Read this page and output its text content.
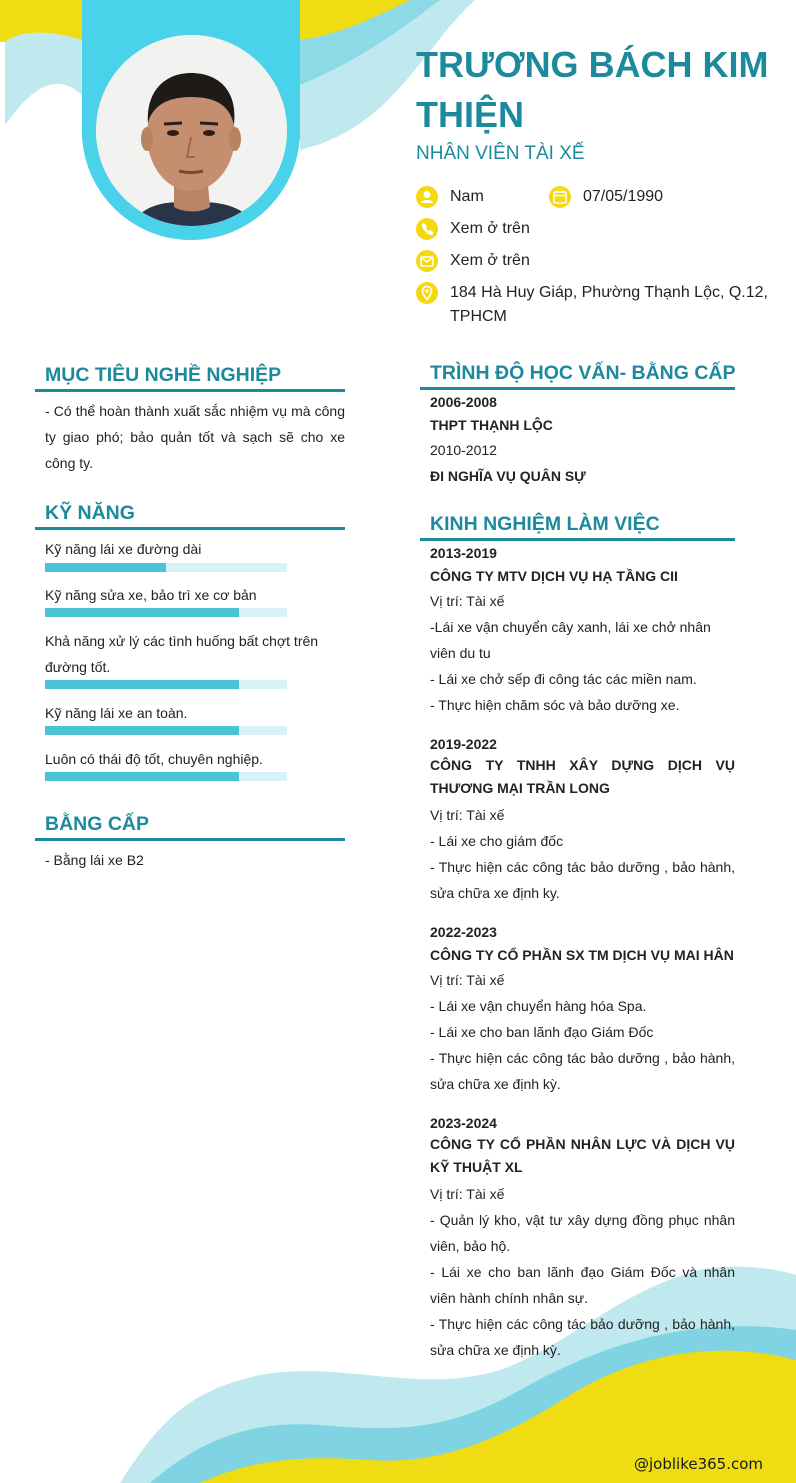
TRƯƠNG BÁCH KIM THIỆN
NHÂN VIÊN TÀI XẾ
Nam	07/05/1990
Xem ở trên
Xem ở trên
184 Hà Huy Giáp, Phường Thạnh Lộc, Q.12, TPHCM
MỤC TIÊU NGHỀ NGHIỆP
- Có thể hoàn thành xuất sắc nhiệm vụ mà công ty giao phó; bảo quản tốt và sạch sẽ cho xe công ty.
KỸ NĂNG
Kỹ năng lái xe đường dài
Kỹ năng sửa xe, bảo trì xe cơ bản
Khả năng xử lý các tình huống bất chợt trên đường tốt.
Kỹ năng lái xe an toàn.
Luôn có thái độ tốt, chuyên nghiệp.
BẰNG CẤP
- Bằng lái xe B2
TRÌNH ĐỘ HỌC VẤN- BẰNG CẤP
2006-2008
THPT THẠNH LỘC
2010-2012
ĐI NGHĨA VỤ QUÂN SỰ
KINH NGHIỆM LÀM VIỆC
2013-2019
CÔNG TY MTV DỊCH VỤ HẠ TẦNG CII
Vị trí: Tài xế
-Lái xe vận chuyển cây xanh, lái xe chở nhân viên du tu
- Lái xe chở sếp đi công tác các miền nam.
- Thực hiện chăm sóc và bảo dưỡng xe.
2019-2022
CÔNG TY TNHH XÂY DỰNG DỊCH VỤ THƯƠNG MẠI TRẦN LONG
Vị trí: Tài xế
- Lái xe cho giám đốc
- Thực hiện các công tác bảo dưỡng , bảo hành, sửa chữa xe định ky.
2022-2023
CÔNG TY CỔ PHẦN SX TM DỊCH VỤ MAI HÂN
Vị trí: Tài xế
- Lái xe vận chuyển hàng hóa Spa.
- Lái xe cho ban lãnh đạo Giám Đốc
- Thực hiện các công tác bảo dưỡng , bảo hành, sửa chữa xe định kỳ.
2023-2024
CÔNG TY CỔ PHẦN NHÂN LỰC VÀ DỊCH VỤ KỸ THUẬT XL
Vị trí: Tài xế
- Quản lý kho, vật tư xây dựng đồng phục nhân viên, bảo hộ.
- Lái xe cho ban lãnh đạo Giám Đốc và nhân viên hành chính nhân sự.
- Thực hiện các công tác bảo dưỡng , bảo hành, sửa chữa xe định kỳ.
@joblike365.com
